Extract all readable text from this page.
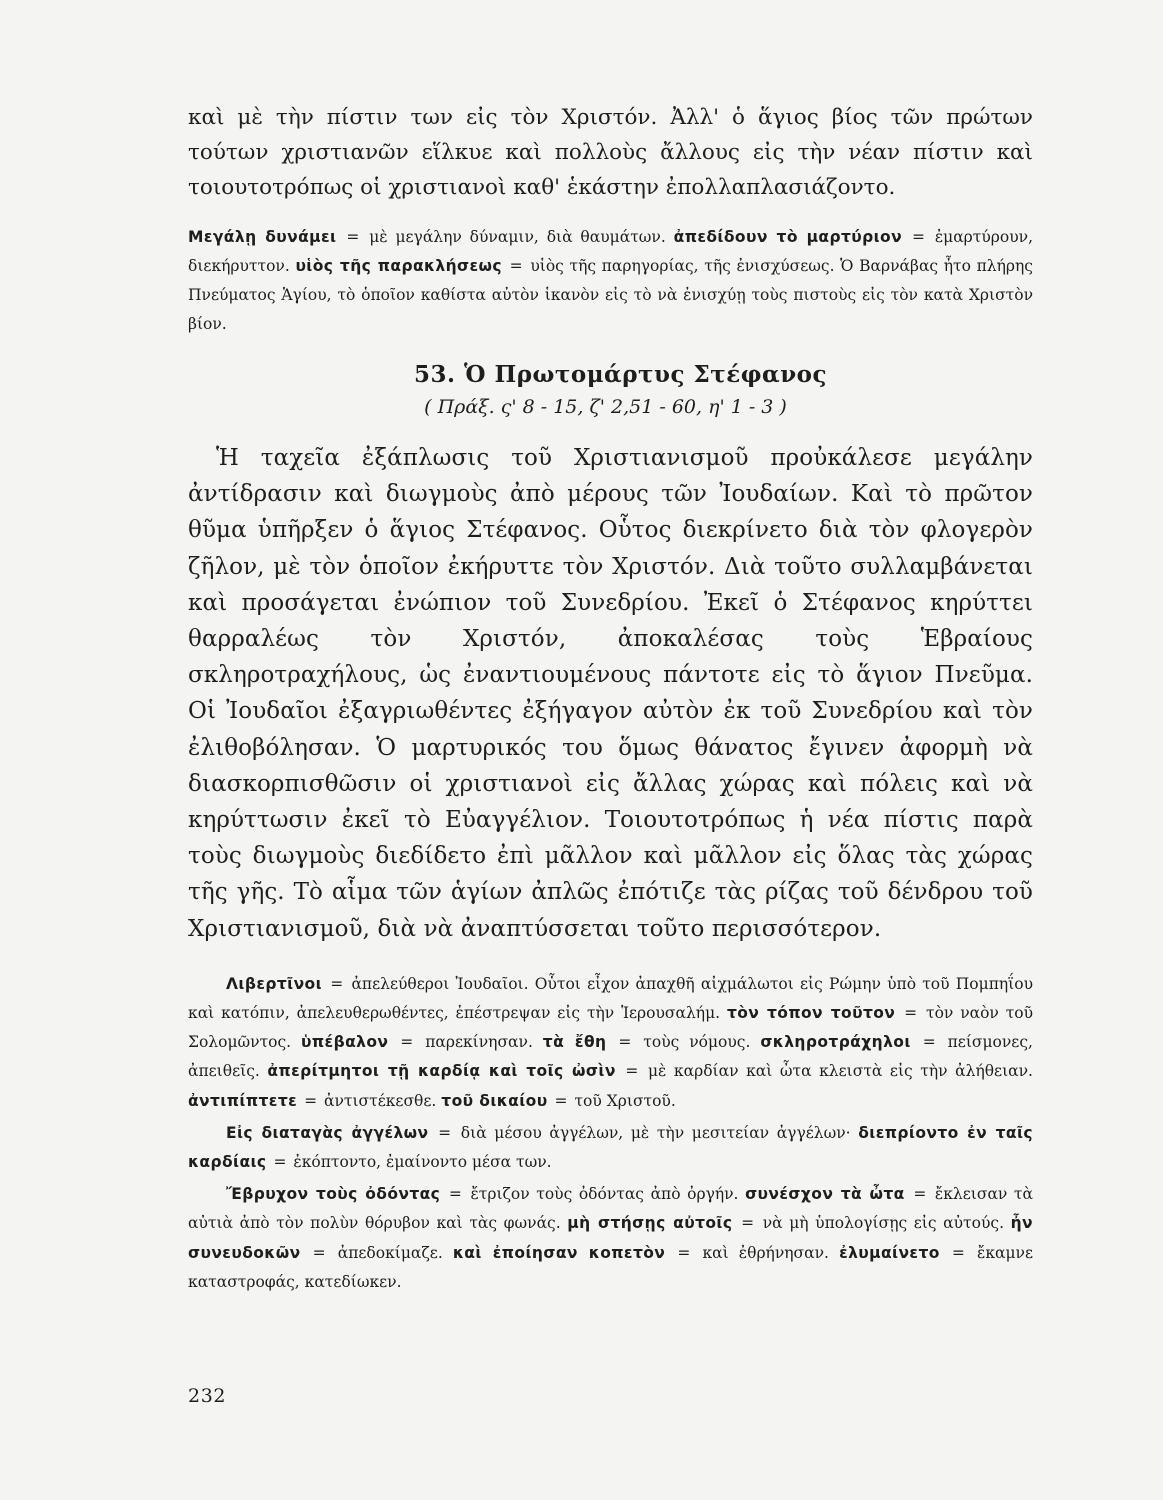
καὶ μὲ τὴν πίστιν των εἰς τὸν Χριστόν. Ἀλλ' ὁ ἅγιος βίος τῶν πρώτων τούτων χριστιανῶν εἵλκυε καὶ πολλοὺς ἄλλους εἰς τὴν νέαν πίστιν καὶ τοιουτοτρόπως οἱ χριστιανοὶ καθ' ἑκάστην ἐπολλαπλασιάζοντο.

Μεγάλῃ δυνάμει = μὲ μεγάλην δύναμιν, διὰ θαυμάτων. ἀπεδίδουν τὸ μαρτύριον = ἐμαρτύρουν, διεκήρυττον. υἱὸς τῆς παρακλήσεως = υἱὸς τῆς παρηγορίας, τῆς ἐνισχύσεως. Ὁ Βαρνάβας ἦτο πλήρης Πνεύματος Ἁγίου, τὸ ὁποῖον καθίστα αὐτὸν ἱκανὸν εἰς τὸ νὰ ἐνισχύῃ τοὺς πιστοὺς εἰς τὸν κατὰ Χριστὸν βίον.
53. Ὁ Πρωτομάρτυς Στέφανος
( Πράξ. ς' 8 - 15, ζ' 2,51 - 60, η' 1 - 3 )

Ἡ ταχεῖα ἐξάπλωσις τοῦ Χριστιανισμοῦ προὐκάλεσε μεγάλην ἀντίδρασιν καὶ διωγμοὺς ἀπὸ μέρους τῶν Ἰουδαίων. Καὶ τὸ πρῶτον θῦμα ὑπῆρξεν ὁ ἅγιος Στέφανος. Οὗτος διεκρίνετο διὰ τὸν φλογερὸν ζῆλον, μὲ τὸν ὁποῖον ἐκήρυττε τὸν Χριστόν. Διὰ τοῦτο συλλαμβάνεται καὶ προσάγεται ἐνώπιον τοῦ Συνεδρίου. Ἐκεῖ ὁ Στέφανος κηρύττει θαρραλέως τὸν Χριστόν, ἀποκαλέσας τοὺς Ἑβραίους σκληροτραχήλους, ὡς ἐναντιουμένους πάντοτε εἰς τὸ ἅγιον Πνεῦμα. Οἱ Ἰουδαῖοι ἐξαγριωθέντες ἐξήγαγον αὐτὸν ἐκ τοῦ Συνεδρίου καὶ τὸν ἐλιθοβόλησαν. Ὁ μαρτυρικός του ὅμως θάνατος ἔγινεν ἀφορμὴ νὰ διασκορπισθῶσιν οἱ χριστιανοὶ εἰς ἄλλας χώρας καὶ πόλεις καὶ νὰ κηρύττωσιν ἐκεῖ τὸ Εὐαγγέλιον. Τοιουτοτρόπως ἡ νέα πίστις παρὰ τοὺς διωγμοὺς διεδίδετο ἐπὶ μᾶλλον καὶ μᾶλλον εἰς ὅλας τὰς χώρας τῆς γῆς. Τὸ αἷμα τῶν ἁγίων ἀπλῶς ἐπότιζε τὰς ρίζας τοῦ δένδρου τοῦ Χριστιανισμοῦ, διὰ νὰ ἀναπτύσσεται τοῦτο περισσότερον.

Λιβερτῖνοι = ἀπελεύθεροι Ἰουδαῖοι. Οὗτοι εἶχον ἀπαχθῆ αἰχμάλωτοι εἰς Ρώμην ὑπὸ τοῦ Πομπηΐου καὶ κατόπιν, ἀπελευθερωθέντες, ἐπέστρεψαν εἰς τὴν Ἱερουσαλήμ. τὸν τόπον τοῦτον = τὸν ναὸν τοῦ Σολομῶντος. ὑπέβαλον = παρεκίνησαν. τὰ ἔθη = τοὺς νόμους. σκληροτράχηλοι = πείσμονες, ἀπειθεῖς. ἀπερίτμητοι τῇ καρδίᾳ καὶ τοῖς ὠσὶν = μὲ καρδίαν καὶ ὦτα κλειστὰ εἰς τὴν ἀλήθειαν. ἀντιπίπτετε = ἀντιστέκεσθε. τοῦ δικαίου = τοῦ Χριστοῦ.

Εἰς διαταγὰς ἀγγέλων = διὰ μέσου ἀγγέλων, μὲ τὴν μεσιτείαν ἀγγέλων· διεπρίοντο ἐν ταῖς καρδίαις = ἐκόπτοντο, ἐμαίνοντο μέσα των.

Ἔβρυχον τοὺς ὀδόντας = ἔτριζον τοὺς ὀδόντας ἀπὸ ὀργήν. συνέσχον τὰ ὦτα = ἔκλεισαν τὰ αὐτιὰ ἀπὸ τὸν πολὺν θόρυβον καὶ τὰς φωνάς. μὴ στήσῃς αὐτοῖς = νὰ μὴ ὑπολογίσῃς εἰς αὐτούς. ἦν συνευδοκῶν = ἀπεδοκίμαζε. καὶ ἐποίησαν κοπετὸν = καὶ ἐθρήνησαν. ἐλυμαίνετο = ἔκαμνε καταστροφάς, κατεδίωκεν.

232
